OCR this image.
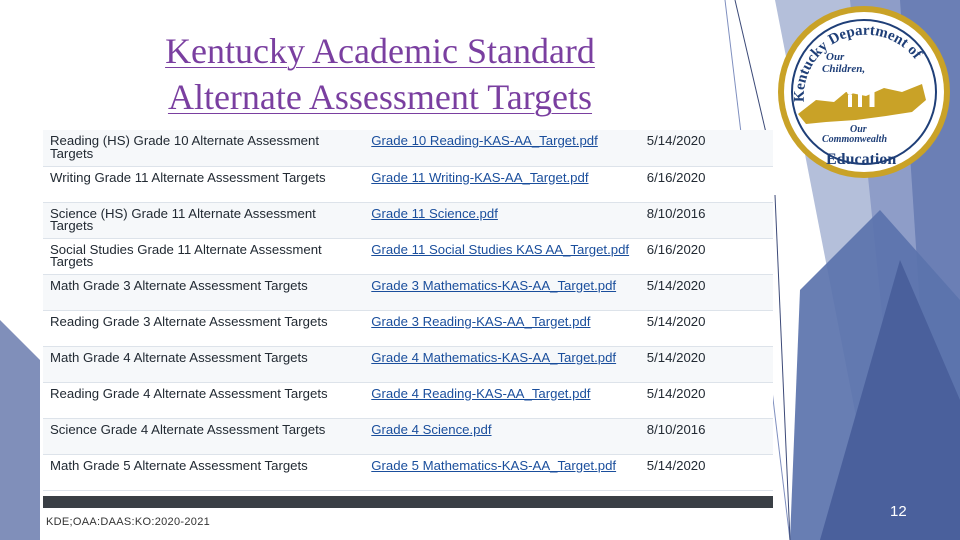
Kentucky Academic Standard
Alternate Assessment Targets	Kentucky Department of
Our
Children,
Our
Commonwealth
Education
Reading (HS) Grade 10 Alternate Assessment Targets	Grade 10 Reading-KAS-AA_Target.pdf	5/14/2020
Writing Grade 11 Alternate Assessment Targets	Grade 11 Writing-KAS-AA_Target.pdf	6/16/2020
Science (HS) Grade 11 Alternate Assessment Targets	Grade 11 Science.pdf	8/10/2016
Social Studies Grade 11 Alternate Assessment Targets	Grade 11 Social Studies KAS AA_Target.pdf	6/16/2020
Math Grade 3 Alternate Assessment Targets	Grade 3 Mathematics-KAS-AA_Target.pdf	5/14/2020
Reading Grade 3 Alternate Assessment Targets	Grade 3 Reading-KAS-AA_Target.pdf	5/14/2020
Math Grade 4 Alternate Assessment Targets	Grade 4 Mathematics-KAS-AA_Target.pdf	5/14/2020
Reading Grade 4 Alternate Assessment Targets	Grade 4 Reading-KAS-AA_Target.pdf	5/14/2020
Science Grade 4 Alternate Assessment Targets	Grade 4 Science.pdf	8/10/2016
Math Grade 5 Alternate Assessment Targets	Grade 5 Mathematics-KAS-AA_Target.pdf	5/14/2020
KDE;OAA:DAAS:KO:2020-2021
12
